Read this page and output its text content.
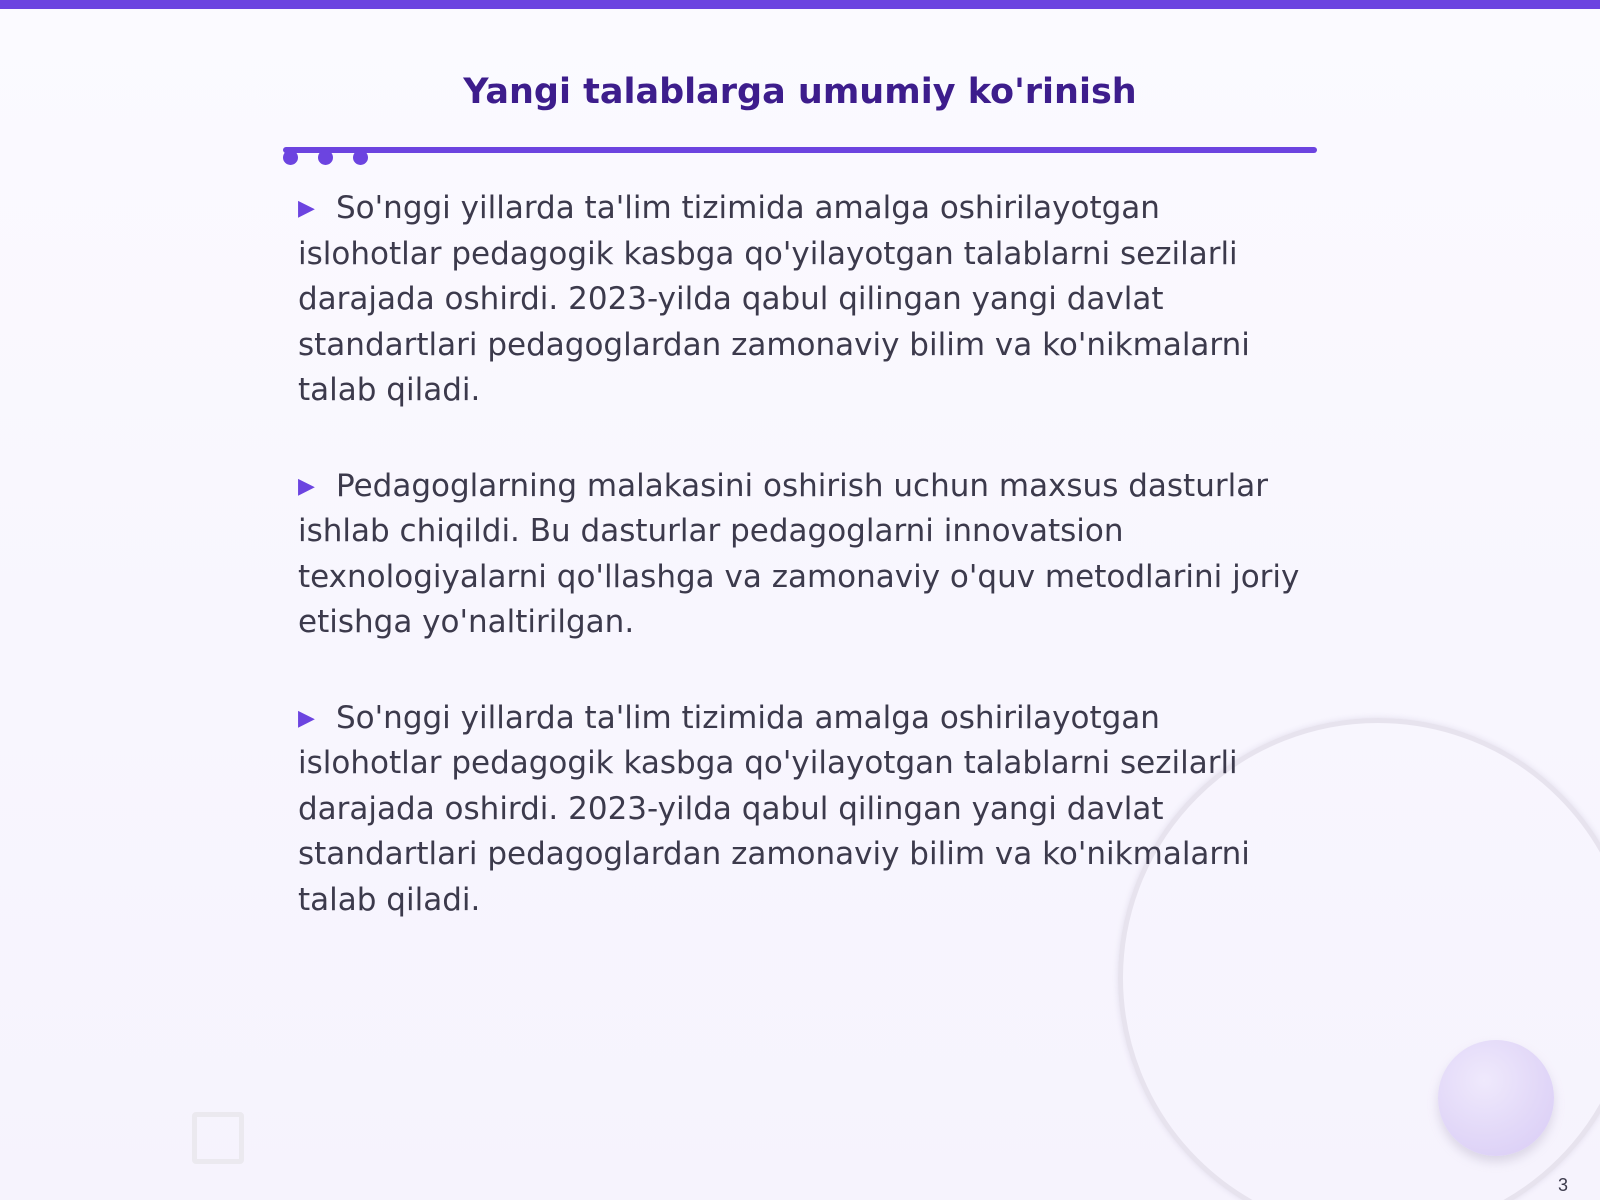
Yangi talablarga umumiy ko'rinish

▶ So'nggi yillarda ta'lim tizimida amalga oshirilayotgan islohotlar pedagogik kasbga qo'yilayotgan talablarni sezilarli darajada oshirdi. 2023-yilda qabul qilingan yangi davlat standartlari pedagoglardan zamonaviy bilim va ko'nikmalarni talab qiladi.

▶ Pedagoglarning malakasini oshirish uchun maxsus dasturlar ishlab chiqildi. Bu dasturlar pedagoglarni innovatsion texnologiyalarni qo'llashga va zamonaviy o'quv metodlarini joriy etishga yo'naltirilgan.

▶ So'nggi yillarda ta'lim tizimida amalga oshirilayotgan islohotlar pedagogik kasbga qo'yilayotgan talablarni sezilarli darajada oshirdi. 2023-yilda qabul qilingan yangi davlat standartlari pedagoglardan zamonaviy bilim va ko'nikmalarni talab qiladi.

3
